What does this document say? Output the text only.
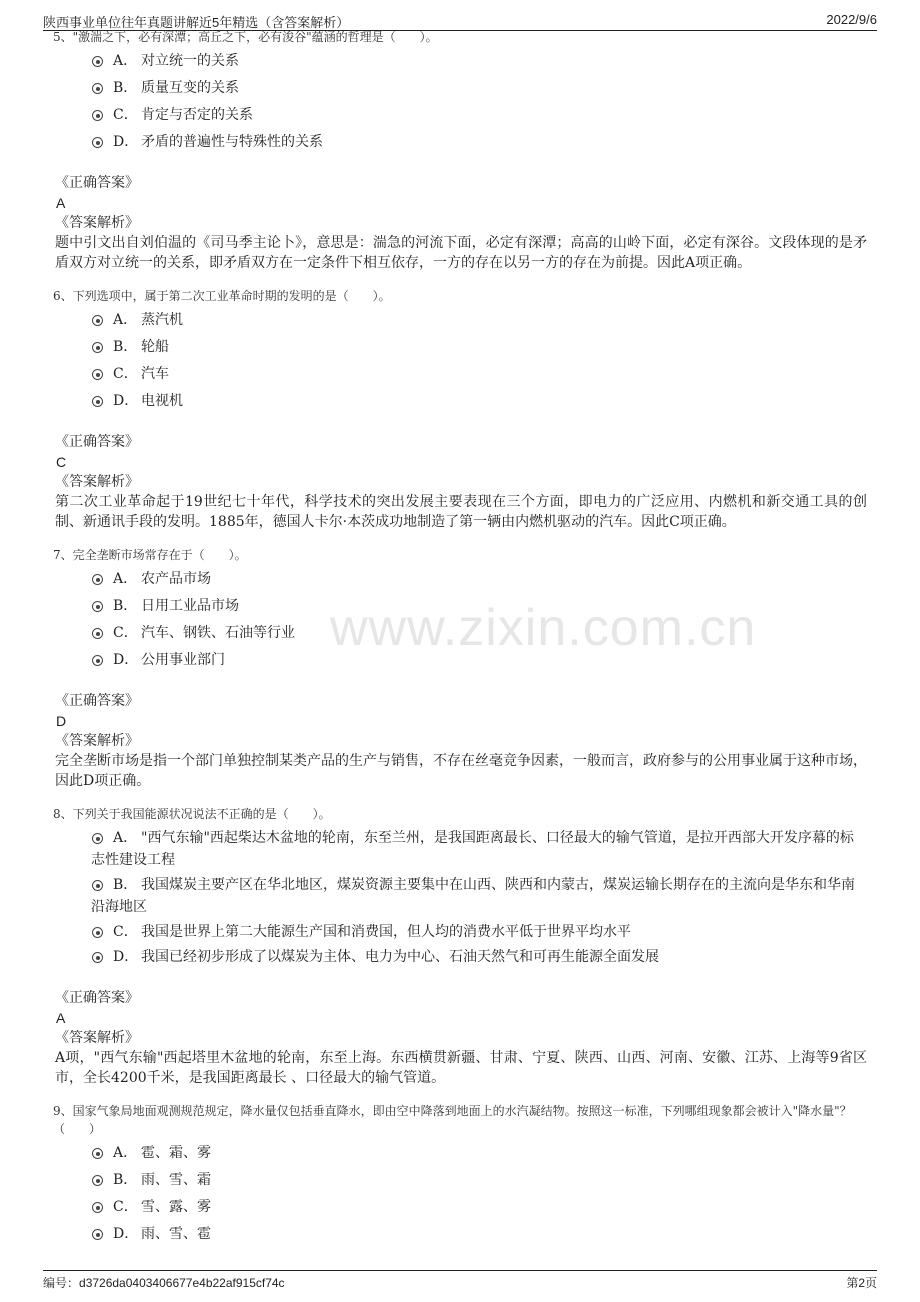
陕西事业单位往年真题讲解近5年精选（含答案解析）	2022/9/6
www.zixin.com.cn
5、"激湍之下，必有深潭；高丘之下，必有浚谷"蕴涵的哲理是（　　）。
A． 对立统一的关系
B． 质量互变的关系
C． 肯定与否定的关系
D． 矛盾的普遍性与特殊性的关系
《正确答案》
A
《答案解析》
题中引文出自刘伯温的《司马季主论卜》，意思是：湍急的河流下面，必定有深潭；高高的山岭下面，必定有深谷。文段体现的是矛盾双方对立统一的关系，即矛盾双方在一定条件下相互依存，一方的存在以另一方的存在为前提。因此A项正确。
6、下列选项中，属于第二次工业革命时期的发明的是（　　）。
A． 蒸汽机
B． 轮船
C． 汽车
D． 电视机
《正确答案》
C
《答案解析》
第二次工业革命起于19世纪七十年代，科学技术的突出发展主要表现在三个方面，即电力的广泛应用、内燃机和新交通工具的创制、新通讯手段的发明。1885年，德国人卡尔·本茨成功地制造了第一辆由内燃机驱动的汽车。因此C项正确。
7、完全垄断市场常存在于（　　）。
A． 农产品市场
B． 日用工业品市场
C． 汽车、钢铁、石油等行业
D． 公用事业部门
《正确答案》
D
《答案解析》
完全垄断市场是指一个部门单独控制某类产品的生产与销售，不存在丝毫竞争因素，一般而言，政府参与的公用事业属于这种市场，因此D项正确。
8、下列关于我国能源状况说法不正确的是（　　）。
A． "西气东输"西起柴达木盆地的轮南，东至兰州，是我国距离最长、口径最大的输气管道，是拉开西部大开发序幕的标志性建设工程
B． 我国煤炭主要产区在华北地区，煤炭资源主要集中在山西、陕西和内蒙古，煤炭运输长期存在的主流向是华东和华南沿海地区
C． 我国是世界上第二大能源生产国和消费国，但人均的消费水平低于世界平均水平
D． 我国已经初步形成了以煤炭为主体、电力为中心、石油天然气和可再生能源全面发展
《正确答案》
A
《答案解析》
A项，"西气东输"西起塔里木盆地的轮南，东至上海。东西横贯新疆、甘肃、宁夏、陕西、山西、河南、安徽、江苏、上海等9省区市，全长4200千米，是我国距离最长 、口径最大的输气管道。
9、国家气象局地面观测规范规定，降水量仅包括垂直降水，即由空中降落到地面上的水汽凝结物。按照这一标准，下列哪组现象都会被计入"降水量"？（　　）
A． 雹、霜、雾
B． 雨、雪、霜
C． 雪、露、雾
D． 雨、雪、雹
编号：d3726da0403406677e4b22af915cf74c	第2页
